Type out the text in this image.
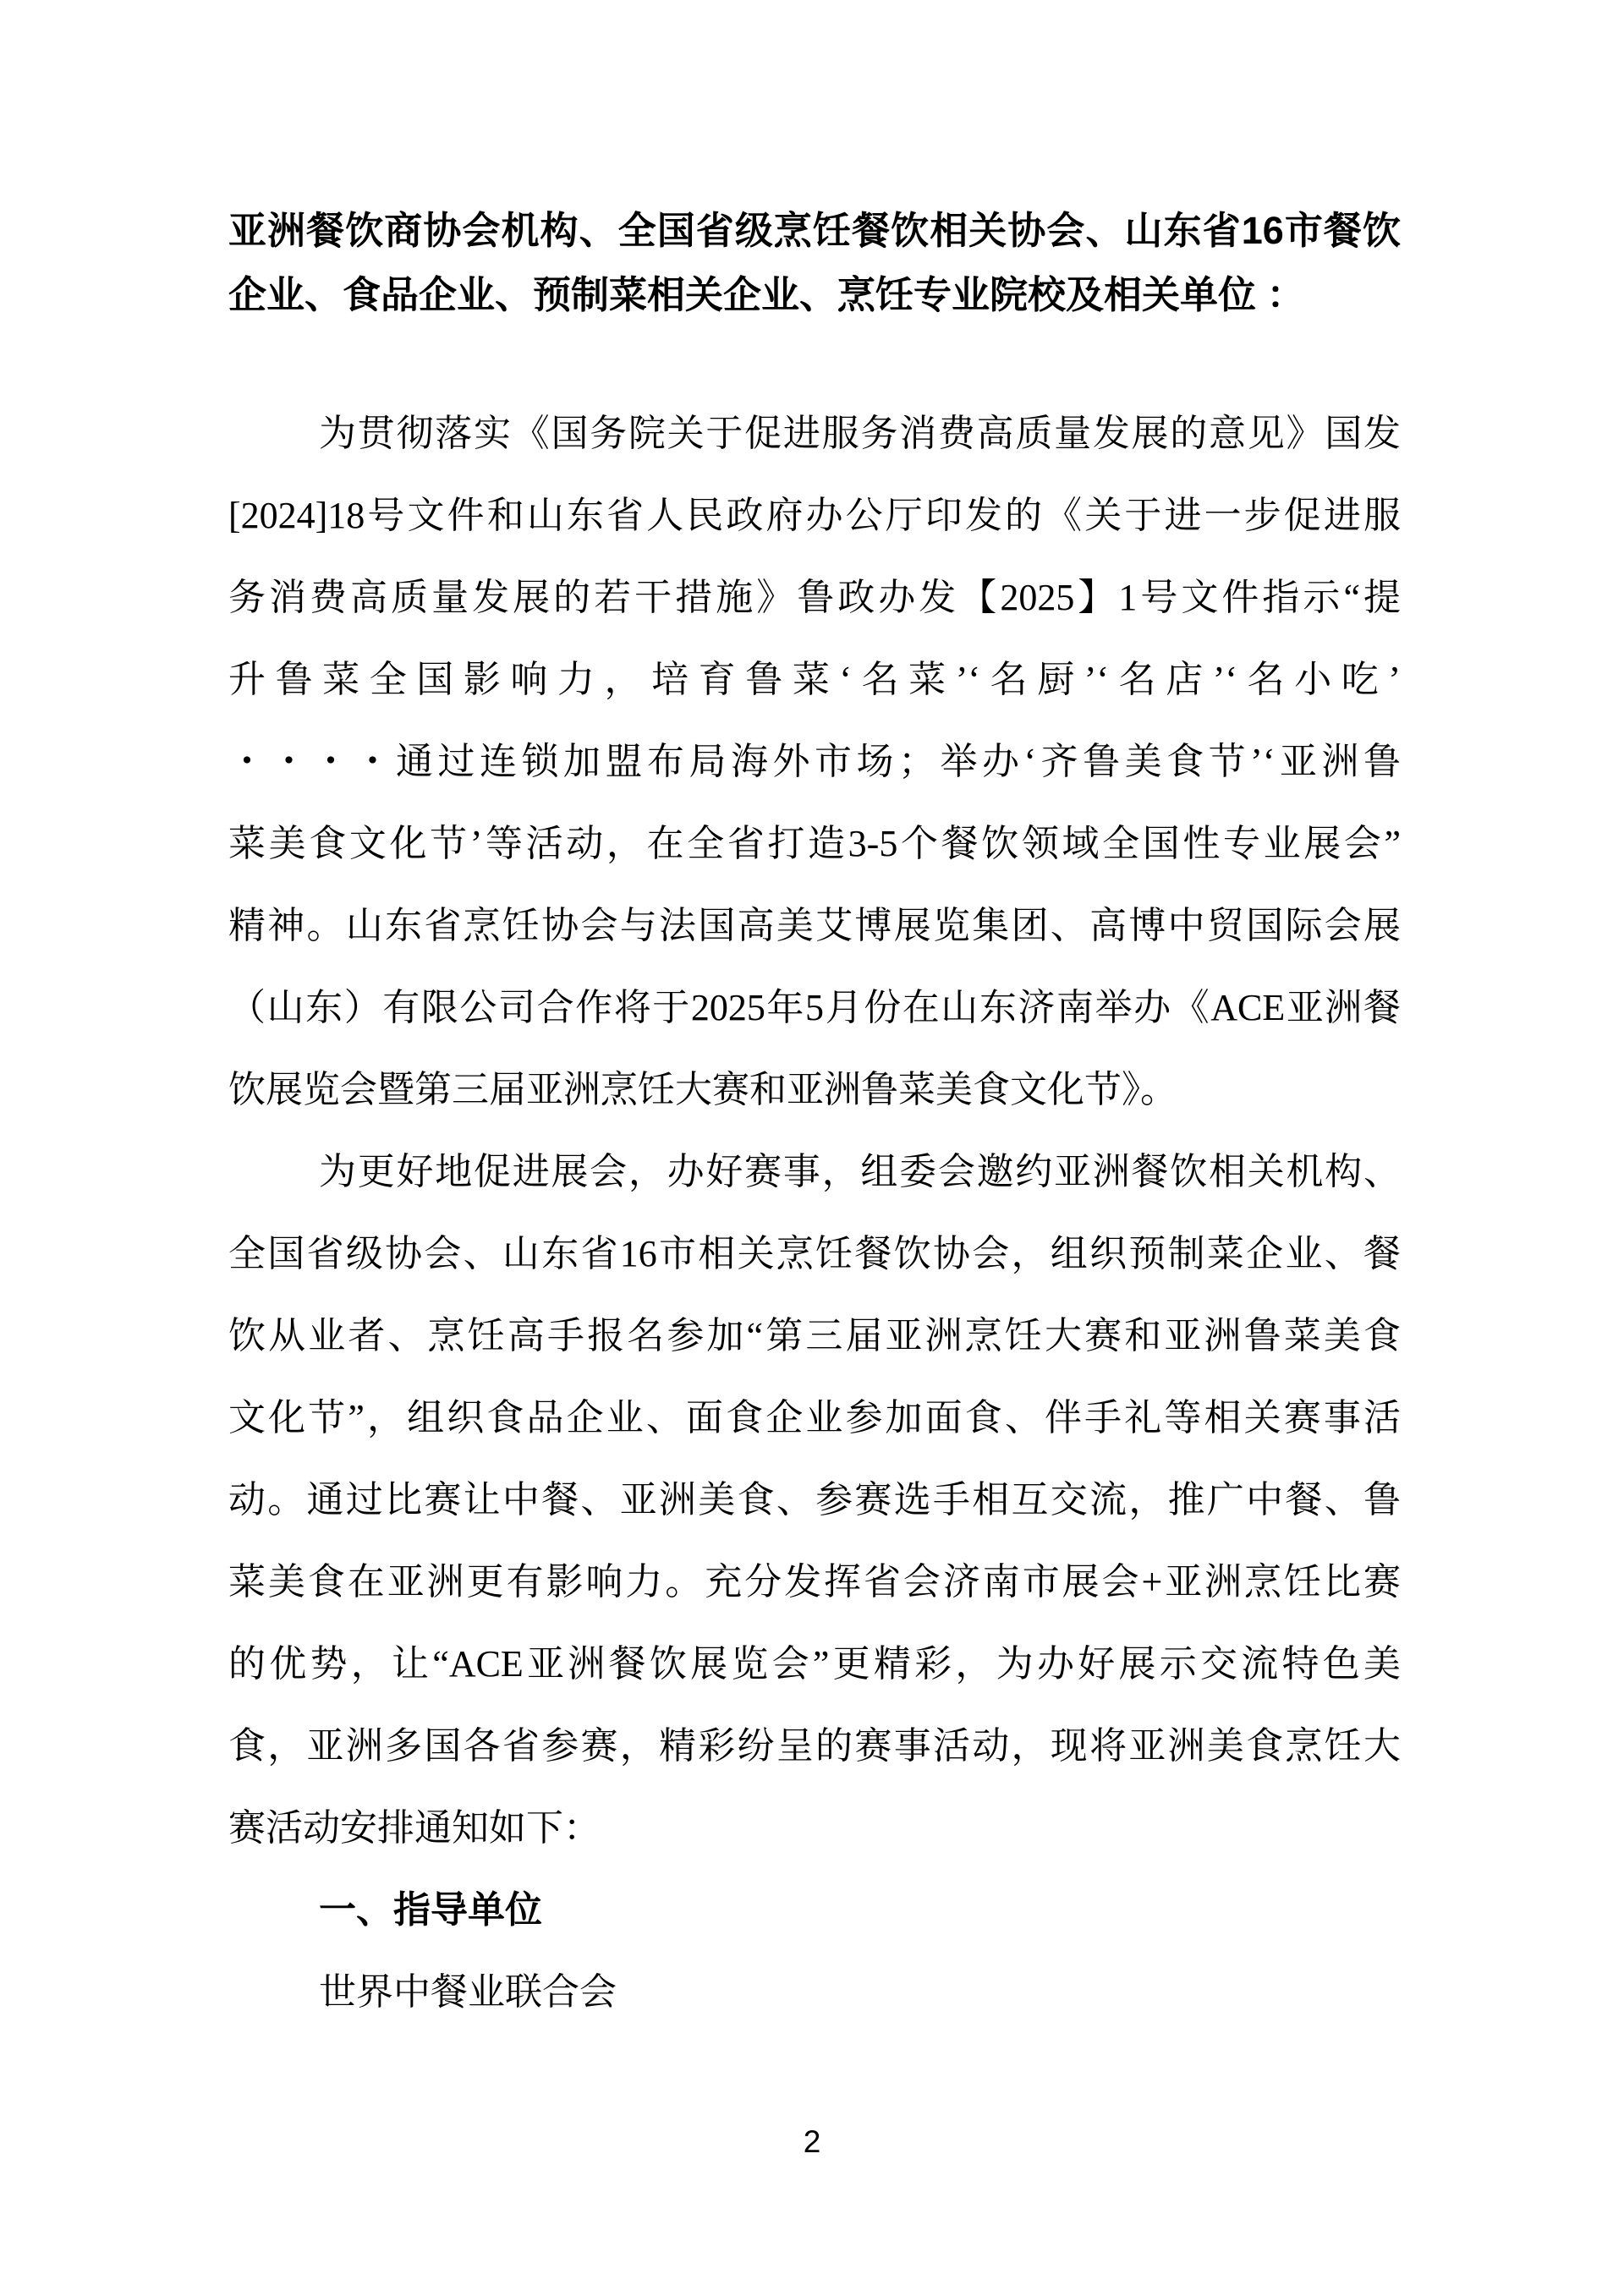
亚洲餐饮商协会机构、全国省级烹饪餐饮相关协会、山东省16市餐饮
企业、食品企业、预制菜相关企业、烹饪专业院校及相关单位 ：
为贯彻落实《国务院关于促进服务消费高质量发展的意见》国发
[2024]18号文件和山东省人民政府办公厅印发的《关于进一步促进服
务消费高质量发展的若干措施》鲁政办发【2025】1号文件指示“提
升鲁菜全国影响力，培育鲁菜‘名菜’‘名厨’‘名店’‘名小吃’
・・・・通过连锁加盟布局海外市场；举办‘齐鲁美食节’‘亚洲鲁
菜美食文化节’等活动，在全省打造3-5个餐饮领域全国性专业展会”
精神。山东省烹饪协会与法国高美艾博展览集团、高博中贸国际会展
（山东）有限公司合作将于2025年5月份在山东济南举办《ACE亚洲餐
饮展览会暨第三届亚洲烹饪大赛和亚洲鲁菜美食文化节》。
为更好地促进展会，办好赛事，组委会邀约亚洲餐饮相关机构、
全国省级协会、山东省16市相关烹饪餐饮协会，组织预制菜企业、餐
饮从业者、烹饪高手报名参加“第三届亚洲烹饪大赛和亚洲鲁菜美食
文化节”，组织食品企业、面食企业参加面食、伴手礼等相关赛事活
动。通过比赛让中餐、亚洲美食、参赛选手相互交流，推广中餐、鲁
菜美食在亚洲更有影响力。充分发挥省会济南市展会+亚洲烹饪比赛
的优势，让“ACE亚洲餐饮展览会”更精彩，为办好展示交流特色美
食，亚洲多国各省参赛，精彩纷呈的赛事活动，现将亚洲美食烹饪大
赛活动安排通知如下：
一、指导单位
世界中餐业联合会
2
